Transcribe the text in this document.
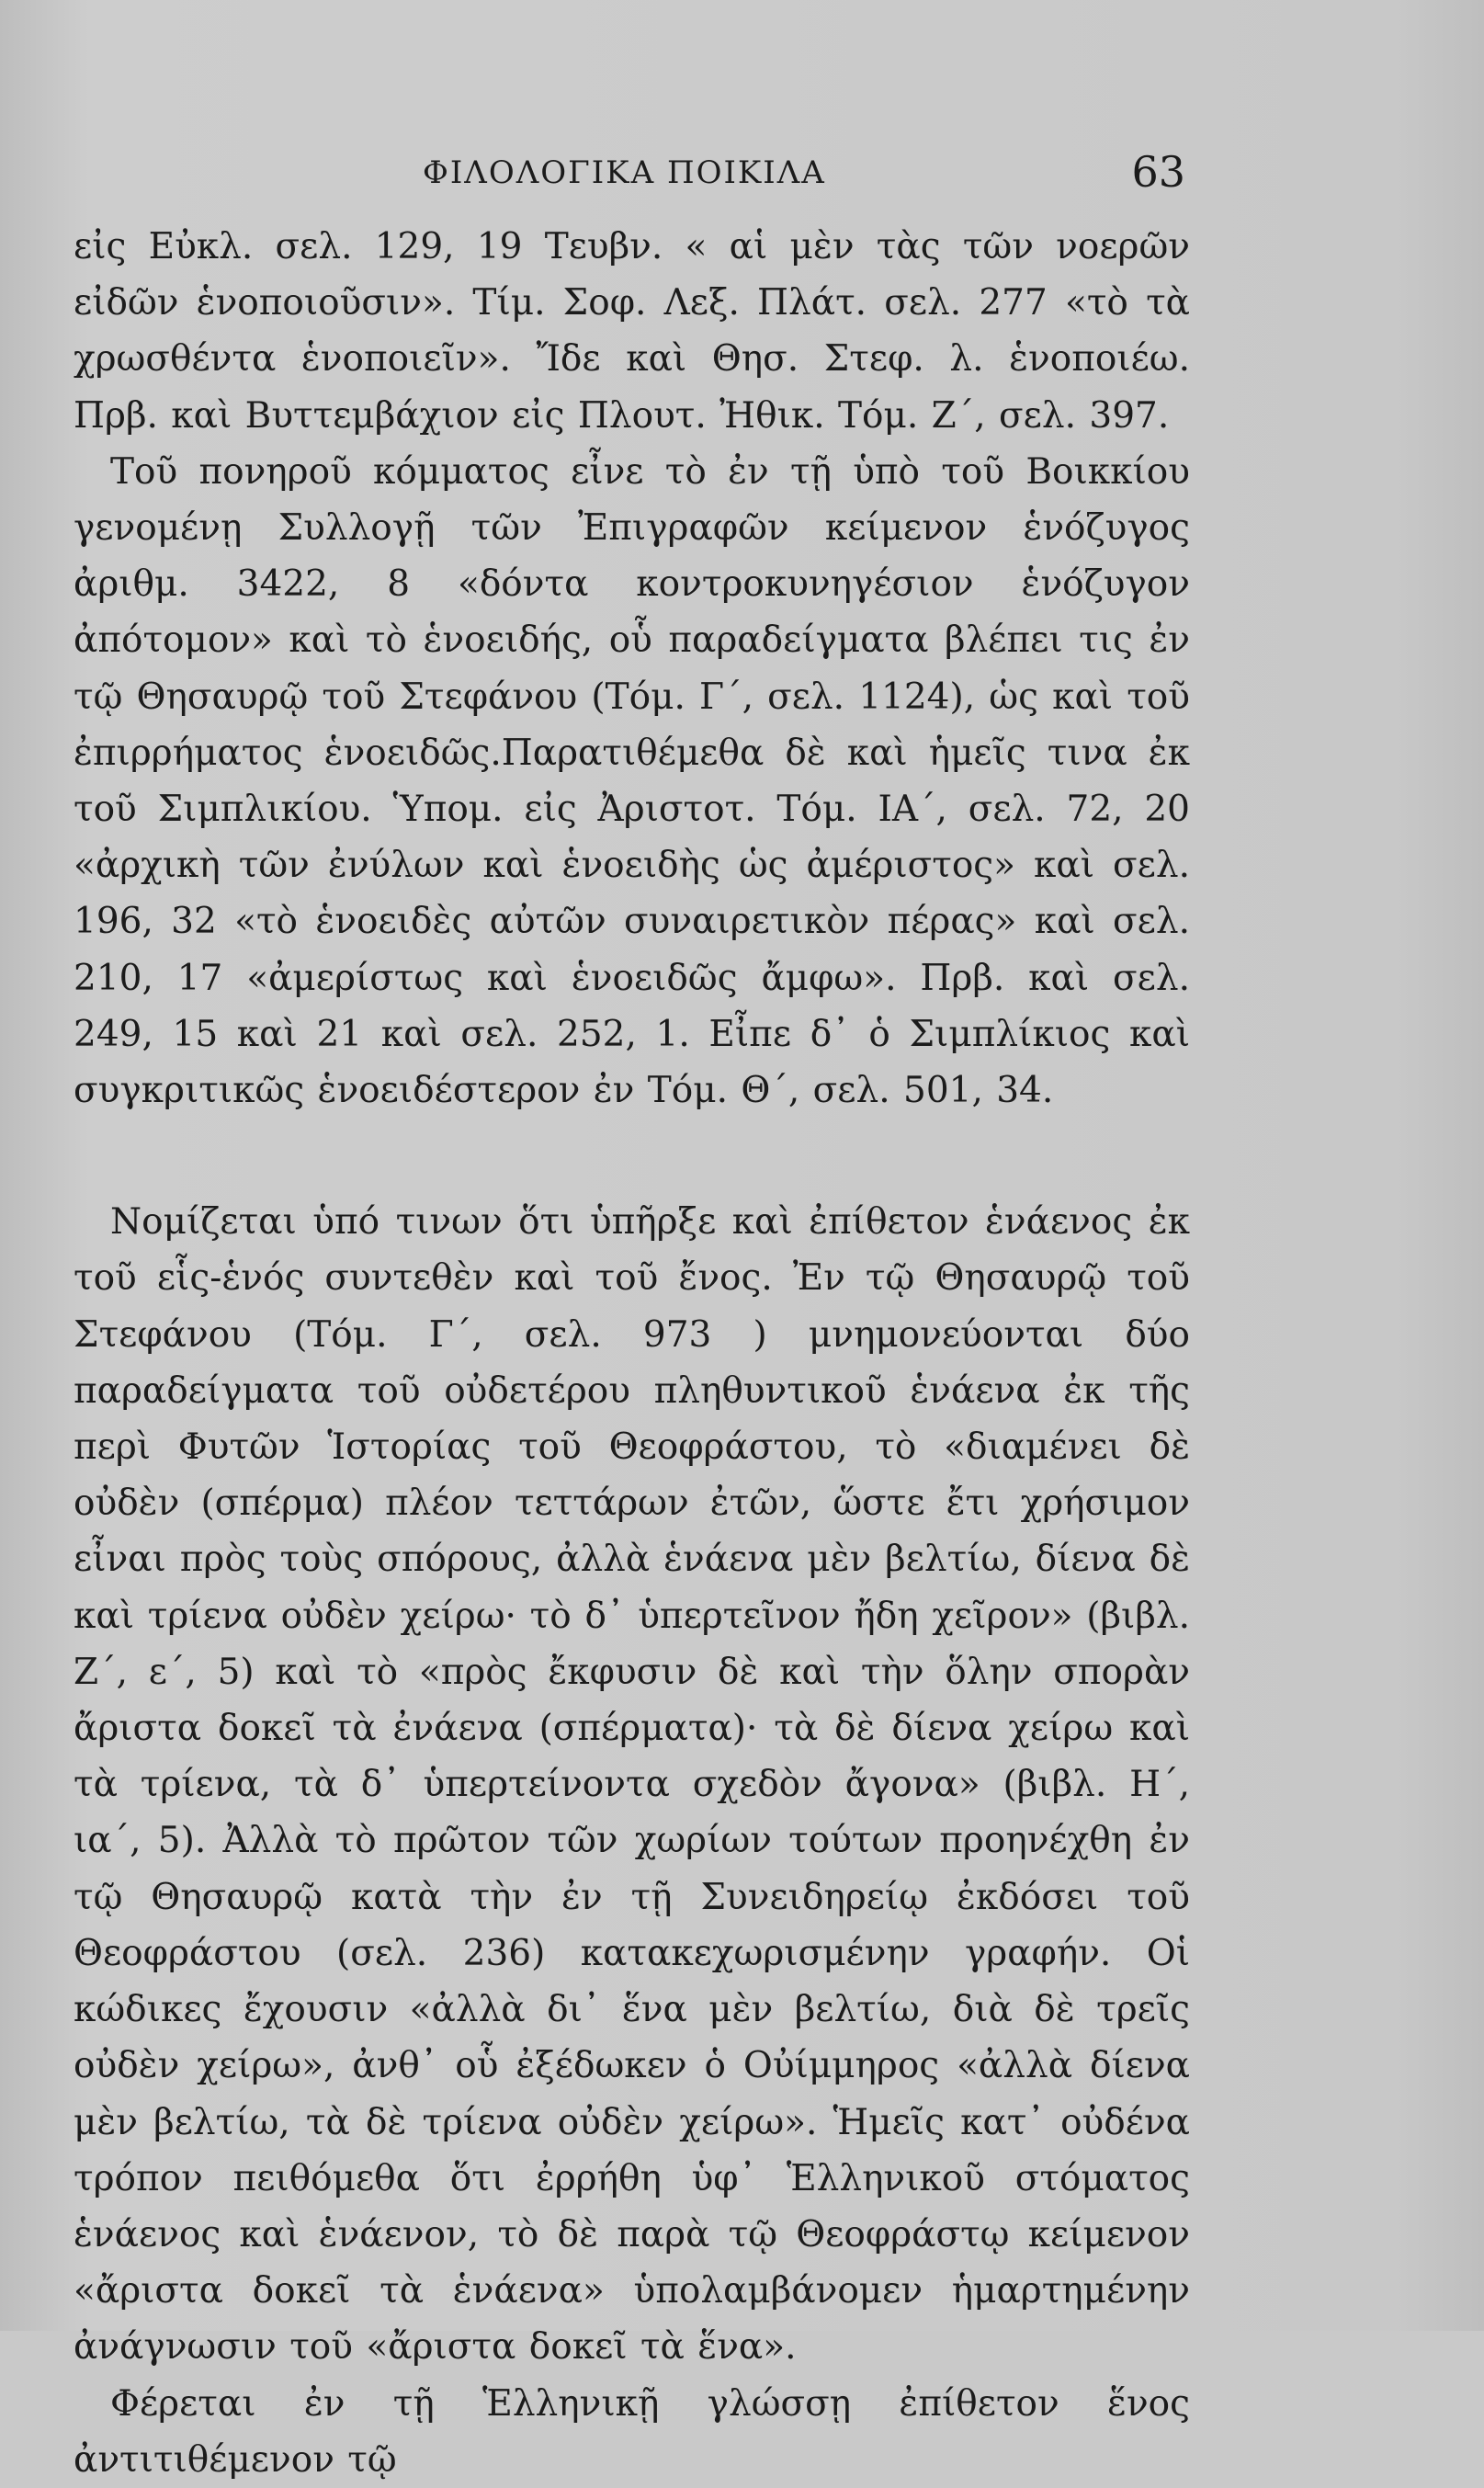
ΦΙΛΟΛΟΓΙΚΑ ΠΟΙΚΙΛΑ	63

εἰς Εὐκλ. σελ. 129, 19 Τευβν. « αἱ μὲν τὰς τῶν νοερῶν εἰδῶν ἑνοποιοῦσιν». Τίμ. Σοφ. Λεξ. Πλάτ. σελ. 277 «τὸ τὰ χρωσθέντα ἑνοποιεῖν». Ἴδε καὶ Θησ. Στεφ. λ. ἑνοποιέω. Πρβ. καὶ Βυττεμβάχιον εἰς Πλουτ. Ἠθικ. Τόμ. Ζ΄, σελ. 397.

Τοῦ πονηροῦ κόμματος εἶνε τὸ ἐν τῇ ὑπὸ τοῦ Βοικκίου γενομένῃ Συλλογῇ τῶν Ἐπιγραφῶν κείμενον ἑνόζυγος ἀριθμ. 3422, 8 «δόντα κοντροκυνηγέσιον ἑνόζυγον ἀπότομον» καὶ τὸ ἑνοειδής, οὗ παραδείγματα βλέπει τις ἐν τῷ Θησαυρῷ τοῦ Στεφάνου (Τόμ. Γ΄, σελ. 1124), ὡς καὶ τοῦ ἐπιρρήματος ἑνοειδῶς.Παρατιθέμεθα δὲ καὶ ἡμεῖς τινα ἐκ τοῦ Σιμπλικίου. Ὑπομ. εἰς Ἀριστοτ. Τόμ. ΙΑ΄, σελ. 72, 20 «ἀρχικὴ τῶν ἐνύλων καὶ ἑνοειδὴς ὡς ἀμέριστος» καὶ σελ. 196, 32 «τὸ ἑνοειδὲς αὐτῶν συναιρετικὸν πέρας» καὶ σελ. 210, 17 «ἀμερίστως καὶ ἑνοειδῶς ἄμφω». Πρβ. καὶ σελ. 249, 15 καὶ 21 καὶ σελ. 252, 1. Εἶπε δ᾽ ὁ Σιμπλίκιος καὶ συγκριτικῶς ἑνοειδέστερον ἐν Τόμ. Θ΄, σελ. 501, 34.

Νομίζεται ὑπό τινων ὅτι ὑπῆρξε καὶ ἐπίθετον ἑνάενος ἐκ τοῦ εἷς-ἑνός συντεθὲν καὶ τοῦ ἔνος. Ἐν τῷ Θησαυρῷ τοῦ Στεφάνου (Τόμ. Γ΄, σελ. 973 ) μνημονεύονται δύο παραδείγματα τοῦ οὐδετέρου πληθυντικοῦ ἑνάενα ἐκ τῆς περὶ Φυτῶν Ἱστορίας τοῦ Θεοφράστου, τὸ «διαμένει δὲ οὐδὲν (σπέρμα) πλέον τεττάρων ἐτῶν, ὥστε ἔτι χρήσιμον εἶναι πρὸς τοὺς σπόρους, ἀλλὰ ἑνάενα μὲν βελτίω, δίενα δὲ καὶ τρίενα οὐδὲν χείρω· τὸ δ᾽ ὑπερτεῖνον ἤδη χεῖρον» (βιβλ. Ζ΄, ε΄, 5) καὶ τὸ «πρὸς ἔκφυσιν δὲ καὶ τὴν ὅλην σπορὰν ἄριστα δοκεῖ τὰ ἐνάενα (σπέρματα)· τὰ δὲ δίενα χείρω καὶ τὰ τρίενα, τὰ δ᾽ ὑπερτείνοντα σχεδὸν ἄγονα» (βιβλ. Η΄, ια΄, 5). Ἀλλὰ τὸ πρῶτον τῶν χωρίων τούτων προηνέχθη ἐν τῷ Θησαυρῷ κατὰ τὴν ἐν τῇ Συνειδηρείῳ ἐκδόσει τοῦ Θεοφράστου (σελ. 236) κατακεχωρισμένην γραφήν. Οἱ κώδικες ἔχουσιν «ἀλλὰ δι᾽ ἕνα μὲν βελτίω, διὰ δὲ τρεῖς οὐδὲν χείρω», ἀνθ᾽ οὗ ἐξέδωκεν ὁ Οὐίμμηρος «ἀλλὰ δίενα μὲν βελτίω, τὰ δὲ τρίενα οὐδὲν χείρω». Ἡμεῖς κατ᾽ οὐδένα τρόπον πειθόμεθα ὅτι ἐρρήθη ὑφ᾽ Ἑλληνικοῦ στόματος ἑνάενος καὶ ἑνάενον, τὸ δὲ παρὰ τῷ Θεοφράστῳ κείμενον «ἄριστα δοκεῖ τὰ ἑνάενα» ὑπολαμβάνομεν ἡμαρτημένην ἀνάγνωσιν τοῦ «ἄριστα δοκεῖ τὰ ἕνα».

Φέρεται ἐν τῇ Ἑλληνικῇ γλώσσῃ ἐπίθετον ἕνος ἀντιτιθέμενον τῷ
